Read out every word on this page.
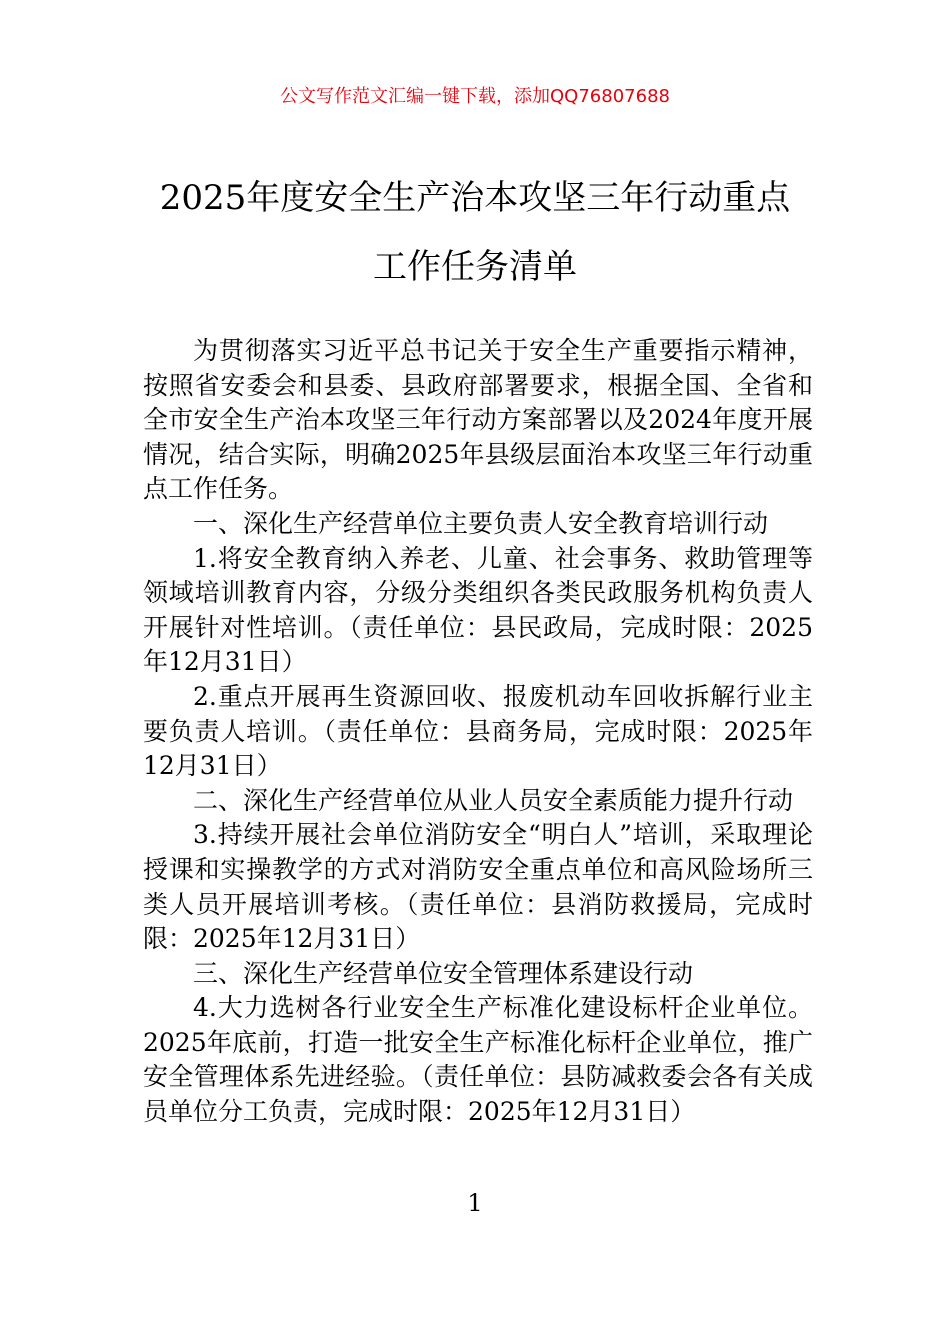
公文写作范文汇编一键下载，添加QQ76807688
2025年度安全生产治本攻坚三年行动重点
工作任务清单

为贯彻落实习近平总书记关于安全生产重要指示精神，按照省安委会和县委、县政府部署要求，根据全国、全省和全市安全生产治本攻坚三年行动方案部署以及2024年度开展情况，结合实际，明确2025年县级层面治本攻坚三年行动重点工作任务。

一、深化生产经营单位主要负责人安全教育培训行动

1.将安全教育纳入养老、儿童、社会事务、救助管理等领域培训教育内容，分级分类组织各类民政服务机构负责人开展针对性培训。（责任单位：县民政局，完成时限：2025年12月31日）

2.重点开展再生资源回收、报废机动车回收拆解行业主要负责人培训。（责任单位：县商务局，完成时限：2025年12月31日）

二、深化生产经营单位从业人员安全素质能力提升行动

3.持续开展社会单位消防安全“明白人”培训，采取理论授课和实操教学的方式对消防安全重点单位和高风险场所三类人员开展培训考核。（责任单位：县消防救援局，完成时限：2025年12月31日）

三、深化生产经营单位安全管理体系建设行动

4.大力选树各行业安全生产标准化建设标杆企业单位。2025年底前，打造一批安全生产标准化标杆企业单位，推广安全管理体系先进经验。（责任单位：县防减救委会各有关成员单位分工负责，完成时限：2025年12月31日）

1
